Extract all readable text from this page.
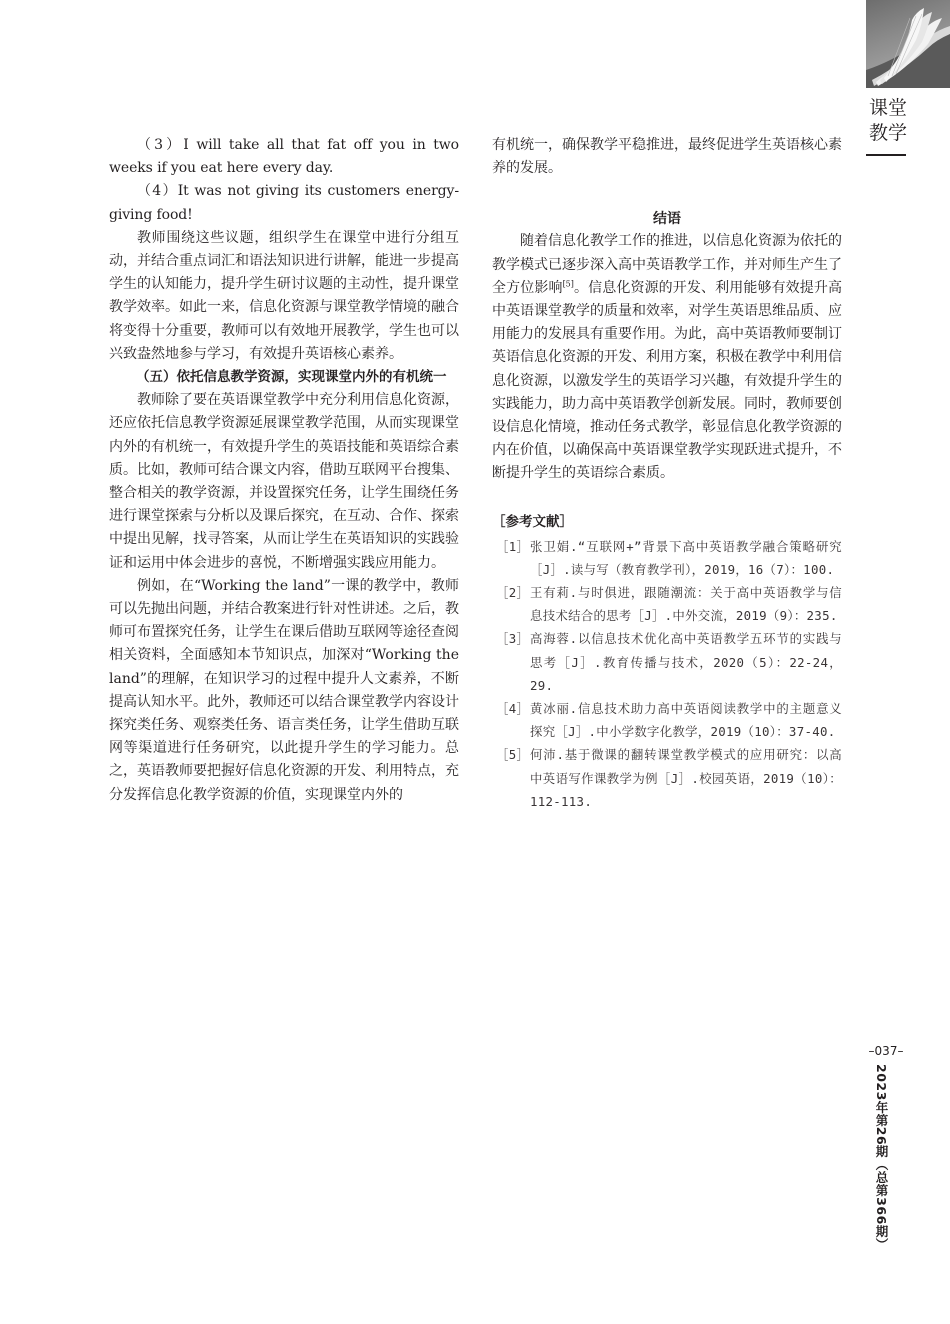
课堂
教学
–037–
2023年第26期（总第366期）

（3）I will take all that fat off you in two weeks if you eat here every day.

（4）It was not giving its customers energy-giving food!

教师围绕这些议题，组织学生在课堂中进行分组互动，并结合重点词汇和语法知识进行讲解，能进一步提高学生的认知能力，提升学生研讨议题的主动性，提升课堂教学效率。如此一来，信息化资源与课堂教学情境的融合将变得十分重要，教师可以有效地开展教学，学生也可以兴致盎然地参与学习，有效提升英语核心素养。

（五）依托信息教学资源，实现课堂内外的有机统一

教师除了要在英语课堂教学中充分利用信息化资源，还应依托信息教学资源延展课堂教学范围，从而实现课堂内外的有机统一，有效提升学生的英语技能和英语综合素质。比如，教师可结合课文内容，借助互联网平台搜集、整合相关的教学资源，并设置探究任务，让学生围绕任务进行课堂探索与分析以及课后探究，在互动、合作、探索中提出见解，找寻答案，从而让学生在英语知识的实践验证和运用中体会进步的喜悦，不断增强实践应用能力。

例如，在“Working the land”一课的教学中，教师可以先抛出问题，并结合教案进行针对性讲述。之后，教师可布置探究任务，让学生在课后借助互联网等途径查阅相关资料，全面感知本节知识点，加深对“Working the land”的理解，在知识学习的过程中提升人文素养，不断提高认知水平。此外，教师还可以结合课堂教学内容设计探究类任务、观察类任务、语言类任务，让学生借助互联网等渠道进行任务研究，以此提升学生的学习能力。总之，英语教师要把握好信息化资源的开发、利用特点，充分发挥信息化教学资源的价值，实现课堂内外的

有机统一，确保教学平稳推进，最终促进学生英语核心素养的发展。

结语

随着信息化教学工作的推进，以信息化资源为依托的教学模式已逐步深入高中英语教学工作，并对师生产生了全方位影响[5]。信息化资源的开发、利用能够有效提升高中英语课堂教学的质量和效率，对学生英语思维品质、应用能力的发展具有重要作用。为此，高中英语教师要制订英语信息化资源的开发、利用方案，积极在教学中利用信息化资源，以激发学生的英语学习兴趣，有效提升学生的实践能力，助力高中英语教学创新发展。同时，教师要创设信息化情境，推动任务式教学，彰显信息化教学资源的内在价值，以确保高中英语课堂教学实现跃进式提升，不断提升学生的英语综合素质。

［参考文献］
［1］ 张卫娟.“互联网+”背景下高中英语教学融合策略研究［J］.读与写（教育教学刊），2019，16（7）：100.
［2］ 王有莉.与时俱进，跟随潮流：关于高中英语教学与信息技术结合的思考［J］.中外交流，2019（9）：235.
［3］ 高海蓉.以信息技术优化高中英语教学五环节的实践与思考［J］.教育传播与技术，2020（5）：22-24，29.
［4］ 黄冰丽.信息技术助力高中英语阅读教学中的主题意义探究［J］.中小学数字化教学，2019（10）：37-40.
［5］ 何沛.基于微课的翻转课堂教学模式的应用研究：以高中英语写作课教学为例［J］.校园英语，2019（10）：112-113.
